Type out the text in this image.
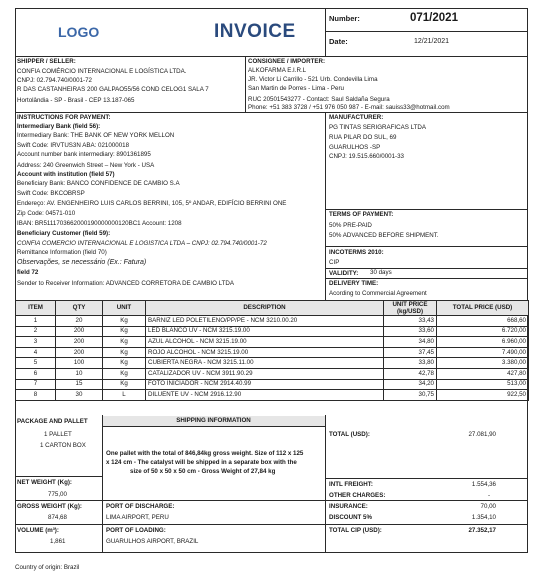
LOGO	INVOICE
Number:	071/2021
Date:	12/21/2021
SHIPPER / SELLER:
CONFIA COMÉRCIO INTERNACIONAL E LOGÍSTICA LTDA.
CNPJ: 02.794.740/0001-72
R DAS CASTANHEIRAS 200 GALPAO55/56 COND CELOG1 SALA 7
Hortolândia - SP - Brasil - CEP 13.187-065
CONSIGNEE / IMPORTER:
ALKOFARMA E.I.R.L
JR. Victor Li Carrillo - 521 Urb. Condevilla Lima
San Martin de Porres - Lima - Peru
RUC 20501543277 - Contact: Saul Saldaña Segura
Phone: +51 383 3728 / +51 976 050 987 - E-mail: sauiss33@hotmail.com
INSTRUCTIONS FOR PAYMENT:
Intermediary Bank (field 56):
Intermediary Bank: THE BANK OF NEW YORK MELLON
Swift Code: IRVTUS3N ABA: 021000018
Account number bank intermediary: 8901361895
Address: 240 Greenwich Street – New York - USA
Account with institution (field 57)
Beneficiary Bank: BANCO CONFIDENCE DE CAMBIO S.A
Swift Code: BKCOBRSP
Endereço: AV. ENGENHEIRO LUIS CARLOS BERRINI, 105, 5º ANDAR, EDIFÍCIO BERRINI ONE
Zip Code: 04571-010
IBAN: BR5111703662000190000000120BC1 Account: 1208
Beneficiary Customer (field 59):
CONFIA COMERCIO INTERNACIONAL E LOGISTICA LTDA – CNPJ: 02.794.740/0001-72
Remittance Information (field 70)
Observações, se necessário (Ex.: Fatura)
field 72
Sender to Receiver Information: ADVANCED CORRETORA DE CAMBIO LTDA
MANUFACTURER:
PG TINTAS SERIGRAFICAS LTDA
RUA PILAR DO SUL, 69
GUARULHOS -SP
CNPJ: 19.515.660/0001-33
TERMS OF PAYMENT:
50% PRE-PAID
50% ADVANCED BEFORE SHIPMENT.
INCOTERMS 2010:
CIP
VALIDITY: 30 days
DELIVERY TIME:
Acording to Commercial Agreement
ITEM	QTY	UNIT	DESCRIPTION	UNIT PRICE (kg/USD)	TOTAL PRICE (USD)
1	20	Kg	BARNIZ LED POLETILENO/PP/PE - NCM 3210.00.20	33,43	668,60
2	200	Kg	LED BLANCO UV - NCM 3215.19.00	33,60	6.720,00
3	200	Kg	AZUL ALCOHOL - NCM 3215.19.00	34,80	6.960,00
4	200	Kg	ROJO ALCOHOL - NCM 3215.19.00	37,45	7.490,00
5	100	Kg	CUBIERTA NEGRA - NCM 3215.11.00	33,80	3.380,00
6	10	Kg	CATALIZADOR UV - NCM 3911.90.29	42,78	427,80
7	15	Kg	FOTO INICIADOR - NCM 2914.40.99	34,20	513,00
8	30	L	DILUENTE UV - NCM 2916.12.90	30,75	922,50
PACKAGE AND PALLET
1 PALLET
1 CARTON BOX
SHIPPING INFORMATION
One pallet with the total of 846,84kg gross weight. Size of 112 x 125
x 124 cm - The catalyst will be shipped in a separate box with the
size of 50 x 50 x 50 cm - Gross Weight of 27,84 kg
TOTAL (USD):	27.081,90
NET WEIGHT (Kg):
775,00
INTL FREIGHT:	1.554,36
OTHER CHARGES:	-
GROSS WEIGHT (Kg):
874,68
PORT OF DISCHARGE:
LIMA AIRPORT, PERU
INSURANCE:	70,00
DISCOUNT 5%	1.354,10
VOLUME (m³):
1,861
PORT OF LOADING:
GUARULHOS AIRPORT, BRAZIL
TOTAL CIP (USD):	27.352,17
Country of origin: Brazil
